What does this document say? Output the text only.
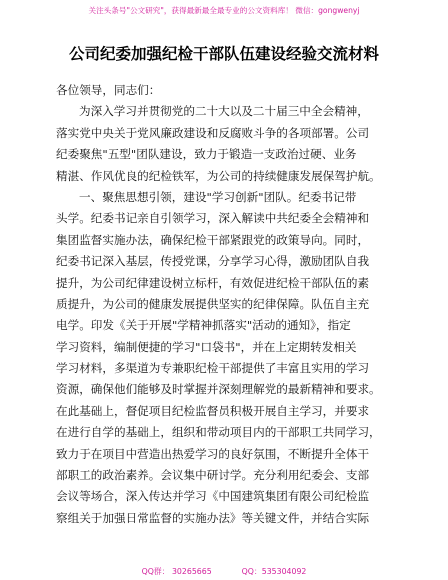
关注头条号"公文研究"，获得最新最全最专业的公文资料库！ 微信：gongwenyj
公司纪委加强纪检干部队伍建设经验交流材料
各位领导，同志们：
为深入学习并贯彻党的二十大以及二十届三中全会精神，
落实党中央关于党风廉政建设和反腐败斗争的各项部署。公司
纪委聚焦"五型"团队建设，致力于锻造一支政治过硬、业务
精湛、作风优良的纪检铁军，为公司的持续健康发展保驾护航。
一、聚焦思想引领，建设"学习创新"团队。纪委书记带
头学。纪委书记亲自引领学习，深入解读中共纪委全会精神和
集团监督实施办法，确保纪检干部紧跟党的政策导向。同时，
纪委书记深入基层，传授党课，分享学习心得，激励团队自我
提升，为公司纪律建设树立标杆，有效促进纪检干部队伍的素
质提升，为公司的健康发展提供坚实的纪律保障。队伍自主充
电学。印发《关于开展"学精神抓落实"活动的通知》，指定
学习资料，编制便捷的学习"口袋书"，并在上定期转发相关
学习材料，多渠道为专兼职纪检干部提供了丰富且实用的学习
资源，确保他们能够及时掌握并深刻理解党的最新精神和要求。
在此基础上，督促项目纪检监督员积极开展自主学习，并要求
在进行自学的基础上，组织和带动项目内的干部职工共同学习，
致力于在项目中营造出热爱学习的良好氛围，不断提升全体干
部职工的政治素养。会议集中研讨学。充分利用纪委会、支部
会议等场合，深入传达并学习《中国建筑集团有限公司纪检监
察组关于加强日常监督的实施办法》等关键文件，并结合实际
QQ群： 30265665	QQ：535304092
